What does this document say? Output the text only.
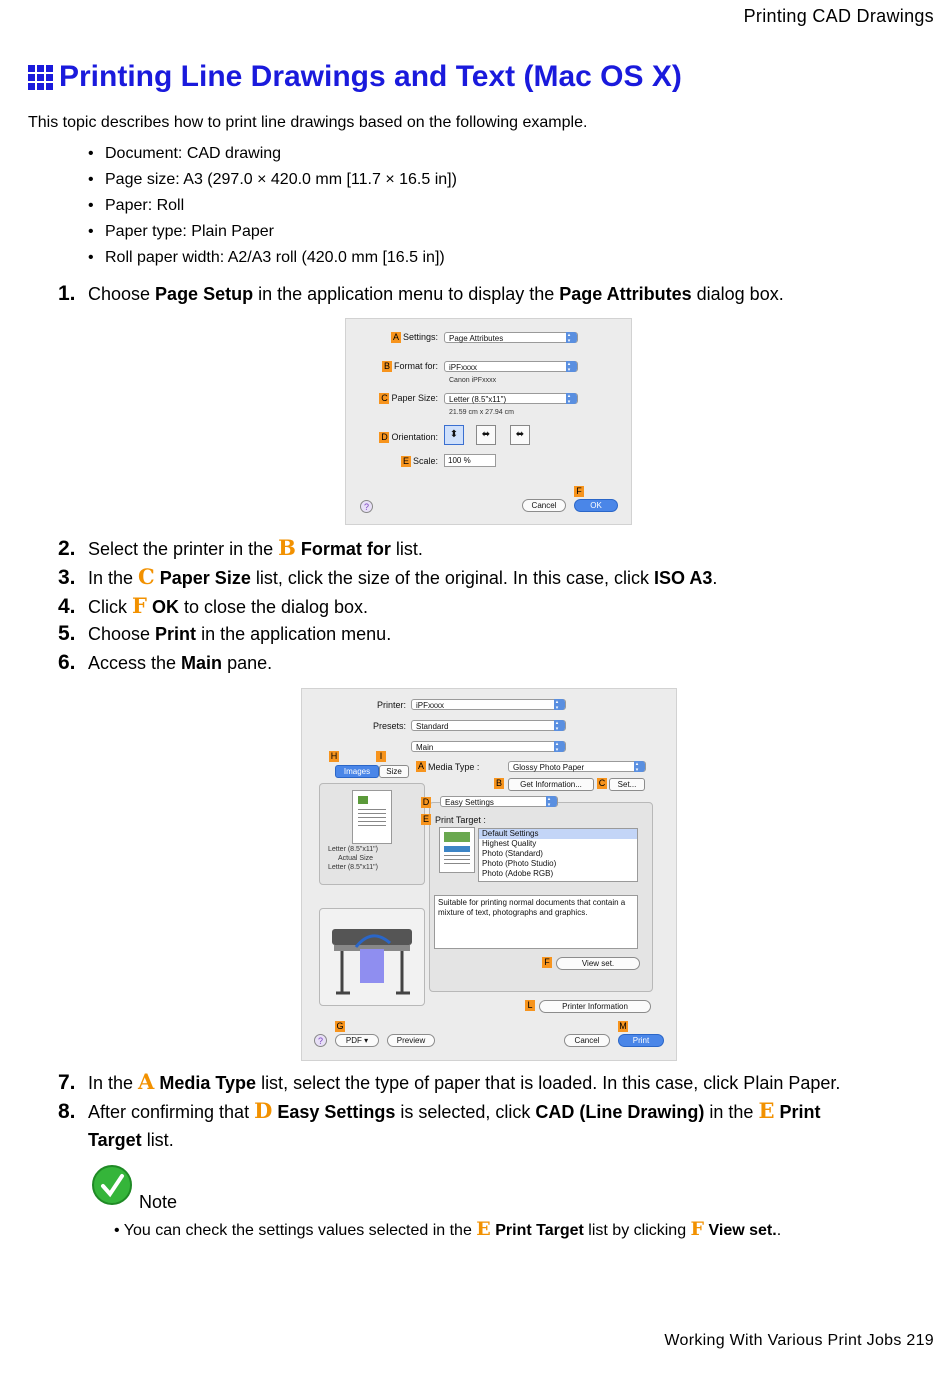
Printing CAD Drawings
Printing Line Drawings and Text (Mac OS X)
This topic describes how to print line drawings based on the following example.
• Document: CAD drawing
• Page size: A3 (297.0 × 420.0 mm [11.7 × 16.5 in])
• Paper: Roll
• Paper type: Plain Paper
• Roll paper width: A2/A3 roll (420.0 mm [16.5 in])
1. Choose Page Setup in the application menu to display the Page Attributes dialog box.
A Settings:	Page Attributes ▴▾
B Format for:	iPFxxxx ▴▾
Canon iPFxxxx
C Paper Size:	Letter (8.5"x11") ▴▾
21.59 cm x 27.94 cm
D Orientation:	⬍	⬌	⬌
E Scale:	100 %
?
F
Cancel	OK
2. Select the printer in the B Format for list.
3. In the C Paper Size list, click the size of the original. In this case, click ISO A3.
4. Click F OK to close the dialog box.
5. Choose Print in the application menu.
6. Access the Main pane.
Printer:	iPFxxxx ▴▾
Presets:	Standard ▴▾
Main ▴▾
H	I
Images	Size
Letter (8.5"x11")
Actual Size
Letter (8.5"x11")
A Media Type :	Glossy Photo Paper ▴▾
B	Get Information...	C	Set...
D	Easy Settings ▴▾
E Print Target :
Default Settings
Highest Quality
Photo (Standard)
Photo (Photo Studio)
Photo (Adobe RGB)
Suitable for printing normal documents that contain a mixture of text, photographs and graphics.
F	View set.
L	Printer Information
G
?	PDF ▾	Preview
M
Cancel	Print
7. In the A Media Type list, select the type of paper that is loaded. In this case, click Plain Paper.
8. After confirming that D Easy Settings is selected, click CAD (Line Drawing) in the E Print
Target list.
Note
• You can check the settings values selected in the E Print Target list by clicking F View set..
Working With Various Print Jobs 219
